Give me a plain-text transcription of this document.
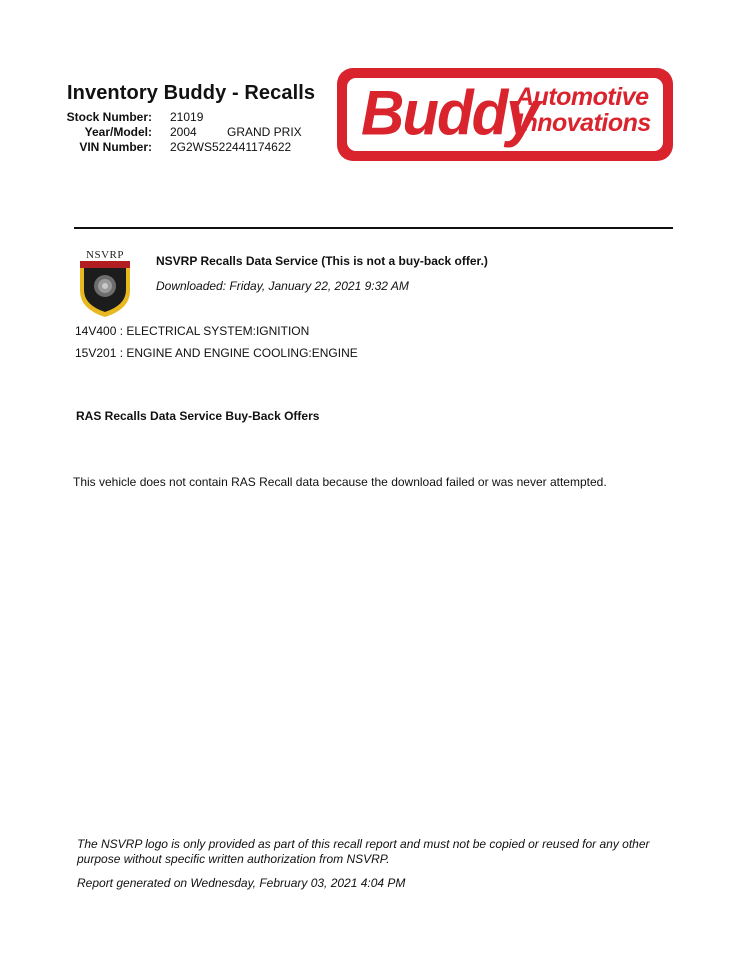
Inventory Buddy - Recalls
Stock Number: 21019
Year/Model: 2004	GRAND PRIX
VIN Number: 2G2WS522441174622 Buddy
Automotive
Innovations
NSVRP	NSVRP Recalls Data Service (This is not a buy-back offer.)
Downloaded: Friday, January 22, 2021 9:32 AM
14V400 : ELECTRICAL SYSTEM:IGNITION
15V201 : ENGINE AND ENGINE COOLING:ENGINE
RAS Recalls Data Service Buy-Back Offers
This vehicle does not contain RAS Recall data because the download failed or was never attempted.
The NSVRP logo is only provided as part of this recall report and must not be copied or reused for any other purpose without specific written authorization from NSVRP.
Report generated on Wednesday, February 03, 2021 4:04 PM
